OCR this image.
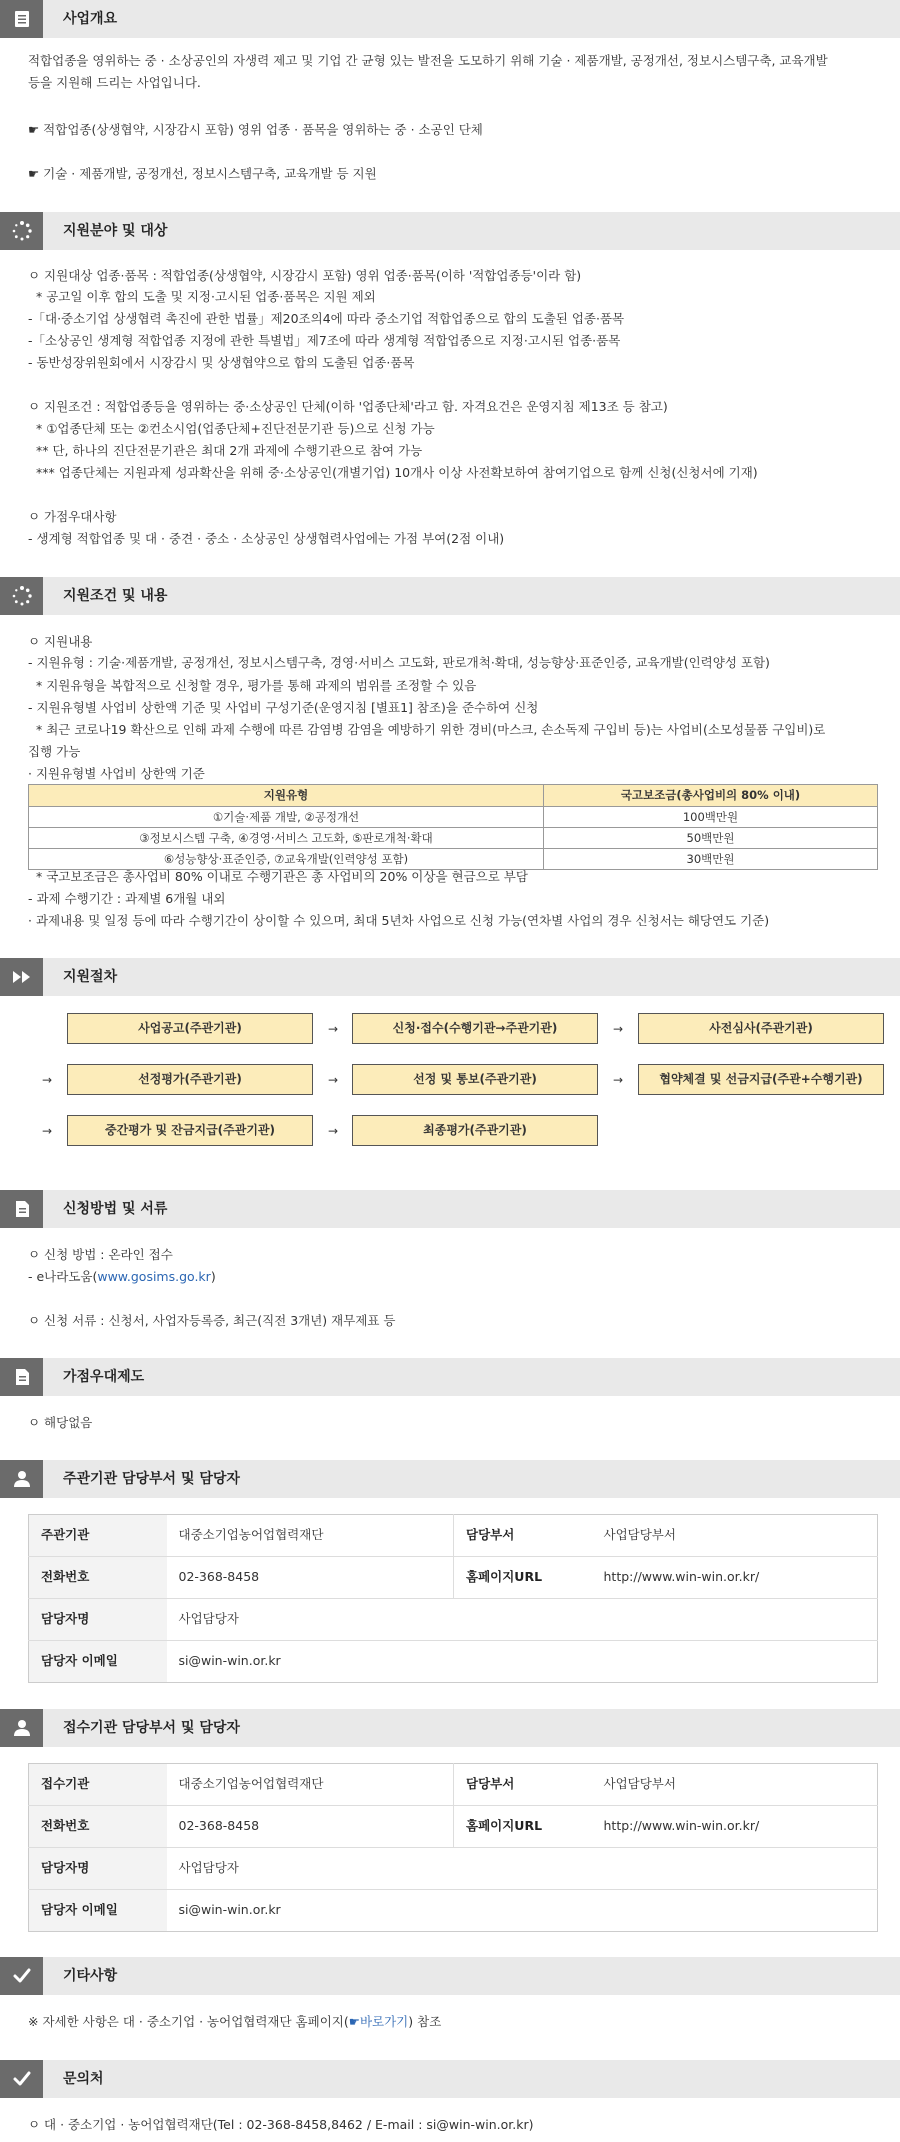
사업개요
적합업종을 영위하는 중 · 소상공인의 자생력 제고 및 기업 간 균형 있는 발전을 도모하기 위해 기술 · 제품개발, 공정개선, 정보시스템구축, 교육개발
등을 지원해 드리는 사업입니다.
☛ 적합업종(상생협약, 시장감시 포함) 영위 업종 · 품목을 영위하는 중 · 소공인 단체
☛ 기술 · 제품개발, 공정개선, 정보시스템구축, 교육개발 등 지원
지원분야 및 대상
ㅇ 지원대상 업종·품목 : 적합업종(상생협약, 시장감시 포함) 영위 업종·품목(이하 '적합업종등'이라 함)
* 공고일 이후 합의 도출 및 지정·고시된 업종·품목은 지원 제외
-「대·중소기업 상생협력 촉진에 관한 법률」제20조의4에 따라 중소기업 적합업종으로 합의 도출된 업종·품목
-「소상공인 생계형 적합업종 지정에 관한 특별법」제7조에 따라 생계형 적합업종으로 지정·고시된 업종·품목
- 동반성장위원회에서 시장감시 및 상생협약으로 합의 도출된 업종·품목
ㅇ 지원조건 : 적합업종등을 영위하는 중·소상공인 단체(이하 '업종단체'라고 함. 자격요건은 운영지침 제13조 등 참고)
* ①업종단체 또는 ②컨소시엄(업종단체+진단전문기관 등)으로 신청 가능
** 단, 하나의 진단전문기관은 최대 2개 과제에 수행기관으로 참여 가능
*** 업종단체는 지원과제 성과확산을 위해 중·소상공인(개별기업) 10개사 이상 사전확보하여 참여기업으로 함께 신청(신청서에 기재)
ㅇ 가점우대사항
- 생계형 적합업종 및 대 · 중견 · 중소 · 소상공인 상생협력사업에는 가점 부여(2점 이내)
지원조건 및 내용
ㅇ 지원내용
- 지원유형 : 기술·제품개발, 공정개선, 정보시스템구축, 경영·서비스 고도화, 판로개척·확대, 성능향상·표준인증, 교육개발(인력양성 포함)
* 지원유형을 복합적으로 신청할 경우, 평가를 통해 과제의 범위를 조정할 수 있음
- 지원유형별 사업비 상한액 기준 및 사업비 구성기준(운영지침 [별표1] 참조)을 준수하여 신청
* 최근 코로나19 확산으로 인해 과제 수행에 따른 감염병 감염을 예방하기 위한 경비(마스크, 손소독제 구입비 등)는 사업비(소모성물품 구입비)로
집행 가능
· 지원유형별 사업비 상한액 기준
지원유형	국고보조금(총사업비의 80% 이내)
①기술·제품 개발, ②공정개선	100백만원
③정보시스템 구축, ④경영·서비스 고도화, ⑤판로개척·확대	50백만원
⑥성능향상·표준인증, ⑦교육개발(인력양성 포함)	30백만원
* 국고보조금은 총사업비 80% 이내로 수행기관은 총 사업비의 20% 이상을 현금으로 부담
- 과제 수행기간 : 과제별 6개월 내외
· 과제내용 및 일정 등에 따라 수행기간이 상이할 수 있으며, 최대 5년차 사업으로 신청 가능(연차별 사업의 경우 신청서는 해당연도 기준)
지원절차
사업공고(주관기관)	→	신청·접수(수행기관→주관기관)	→	사전심사(주관기관)
→	선정평가(주관기관)	→	선정 및 통보(주관기관)	→	협약체결 및 선금지급(주관+수행기관)
→	중간평가 및 잔금지급(주관기관)	→	최종평가(주관기관)
신청방법 및 서류
ㅇ 신청 방법 : 온라인 접수
- e나라도움(www.gosims.go.kr)
ㅇ 신청 서류 : 신청서, 사업자등록증, 최근(직전 3개년) 재무제표 등
가점우대제도
ㅇ 해당없음
주관기관 담당부서 및 담당자
주관기관	대중소기업농어업협력재단	담당부서	사업담당부서
전화번호	02-368-8458	홈페이지URL	http://www.win-win.or.kr/
담당자명	사업담당자		
담당자 이메일	si@win-win.or.kr		
접수기관 담당부서 및 담당자
접수기관	대중소기업농어업협력재단	담당부서	사업담당부서
전화번호	02-368-8458	홈페이지URL	http://www.win-win.or.kr/
담당자명	사업담당자		
담당자 이메일	si@win-win.or.kr		
기타사항
※ 자세한 사항은 대 · 중소기업 · 농어업협력재단 홈페이지(☛바로가기) 참조
문의처
ㅇ 대 · 중소기업 · 농어업협력재단(Tel : 02-368-8458,8462 / E-mail : si@win-win.or.kr)
